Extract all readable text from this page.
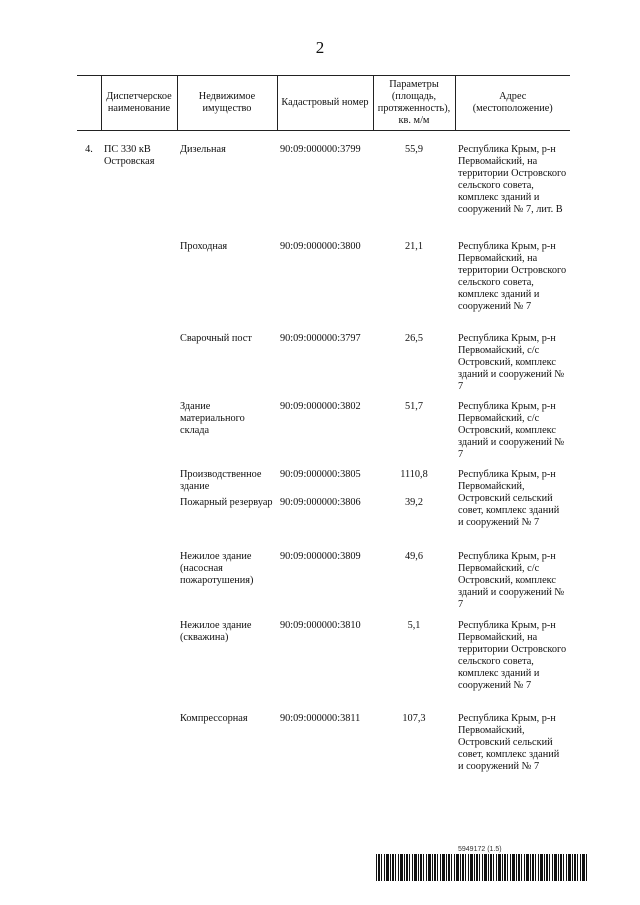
2
	Диспетчерское наименование	Недвижимое имущество	Кадастровый номер	Параметры (площадь, протяженность), кв. м/м	Адрес (местоположение)

4.	ПС 330 кВ Островская	Дизельная	90:09:000000:3799	55,9	Республика Крым, р-н Первомайский, на территории Островского сельского совета, комплекс зданий и сооружений № 7, лит. В
		Проходная	90:09:000000:3800	21,1	Республика Крым, р-н Первомайский, на территории Островского сельского совета, комплекс зданий и сооружений № 7
		Сварочный пост	90:09:000000:3797	26,5	Республика Крым, р-н Первомайский, с/с Островский, комплекс зданий и сооружений № 7
		Здание материального склада	90:09:000000:3802	51,7	Республика Крым, р-н Первомайский, с/с Островский, комплекс зданий и сооружений № 7
		Производственное здание	90:09:000000:3805	1110,8	Республика Крым, р-н Первомайский, Островский сельский совет, комплекс зданий и сооружений № 7
		Пожарный резервуар	90:09:000000:3806	39,2	
		Нежилое здание (насосная пожаротушения)	90:09:000000:3809	49,6	Республика Крым, р-н Первомайский, с/с Островский, комплекс зданий и сооружений № 7
		Нежилое здание (скважина)	90:09:000000:3810	5,1	Республика Крым, р-н Первомайский, на территории Островского сельского совета, комплекс зданий и сооружений № 7
		Компрессорная	90:09:000000:3811	107,3	Республика Крым, р-н Первомайский, Островский сельский совет, комплекс зданий и сооружений № 7
5949172 (1.5)
